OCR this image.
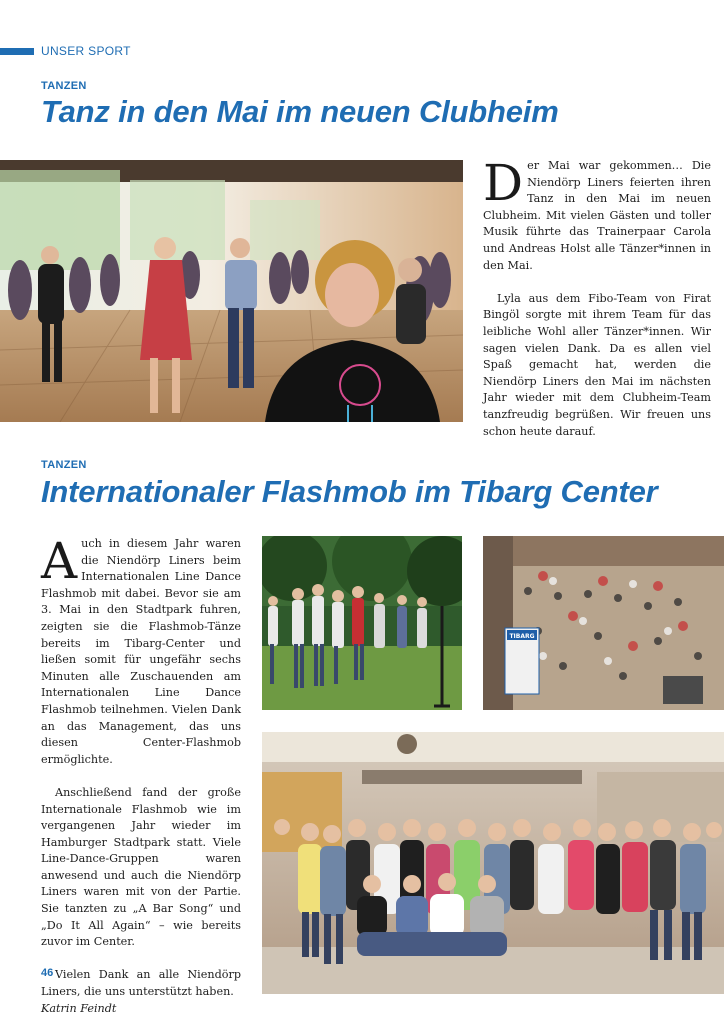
UNSER SPORT
TANZEN
Tanz in den Mai im neuen Clubheim

Der Mai war gekommen… Die Niendörp Liners feierten ihren Tanz in den Mai im neuen Clubheim. Mit vielen Gästen und toller Musik führte das Trainerpaar Carola und Andreas Holst alle Tänzer*innen in den Mai.

Lyla aus dem Fibo-Team von Firat Bingöl sorgte mit ihrem Team für das leibliche Wohl aller Tänzer*innen. Wir sagen vielen Dank. Da es allen viel Spaß gemacht hat, werden die Niendörp Liners den Mai im nächsten Jahr wieder mit dem Clubheim-Team tanzfreudig begrüßen. Wir freuen uns schon heute darauf.

TANZEN
Internationaler Flashmob im Tibarg Center

Auch in diesem Jahr waren die Niendörp Liners beim Internationalen Line Dance Flashmob mit dabei. Bevor sie am 3. Mai in den Stadtpark fuhren, zeigten sie die Flashmob-Tänze bereits im Tibarg-Center und ließen somit für ungefähr sechs Minuten alle Zuschauenden am Internationalen Line Dance Flashmob teilnehmen. Vielen Dank an das Management, das uns diesen Center-Flashmob ermöglichte.

Anschließend fand der große Internationale Flashmob wie im vergangenen Jahr wieder im Hamburger Stadtpark statt. Viele Line-Dance-Gruppen waren anwesend und auch die Niendörp Liners waren mit von der Partie. Sie tanzten zu „A Bar Song“ und „Do It All Again“ – wie bereits zuvor im Center.

Vielen Dank an alle Niendörp Liners, die uns unterstützt haben.

Katrin Feindt

TIBARG
46
